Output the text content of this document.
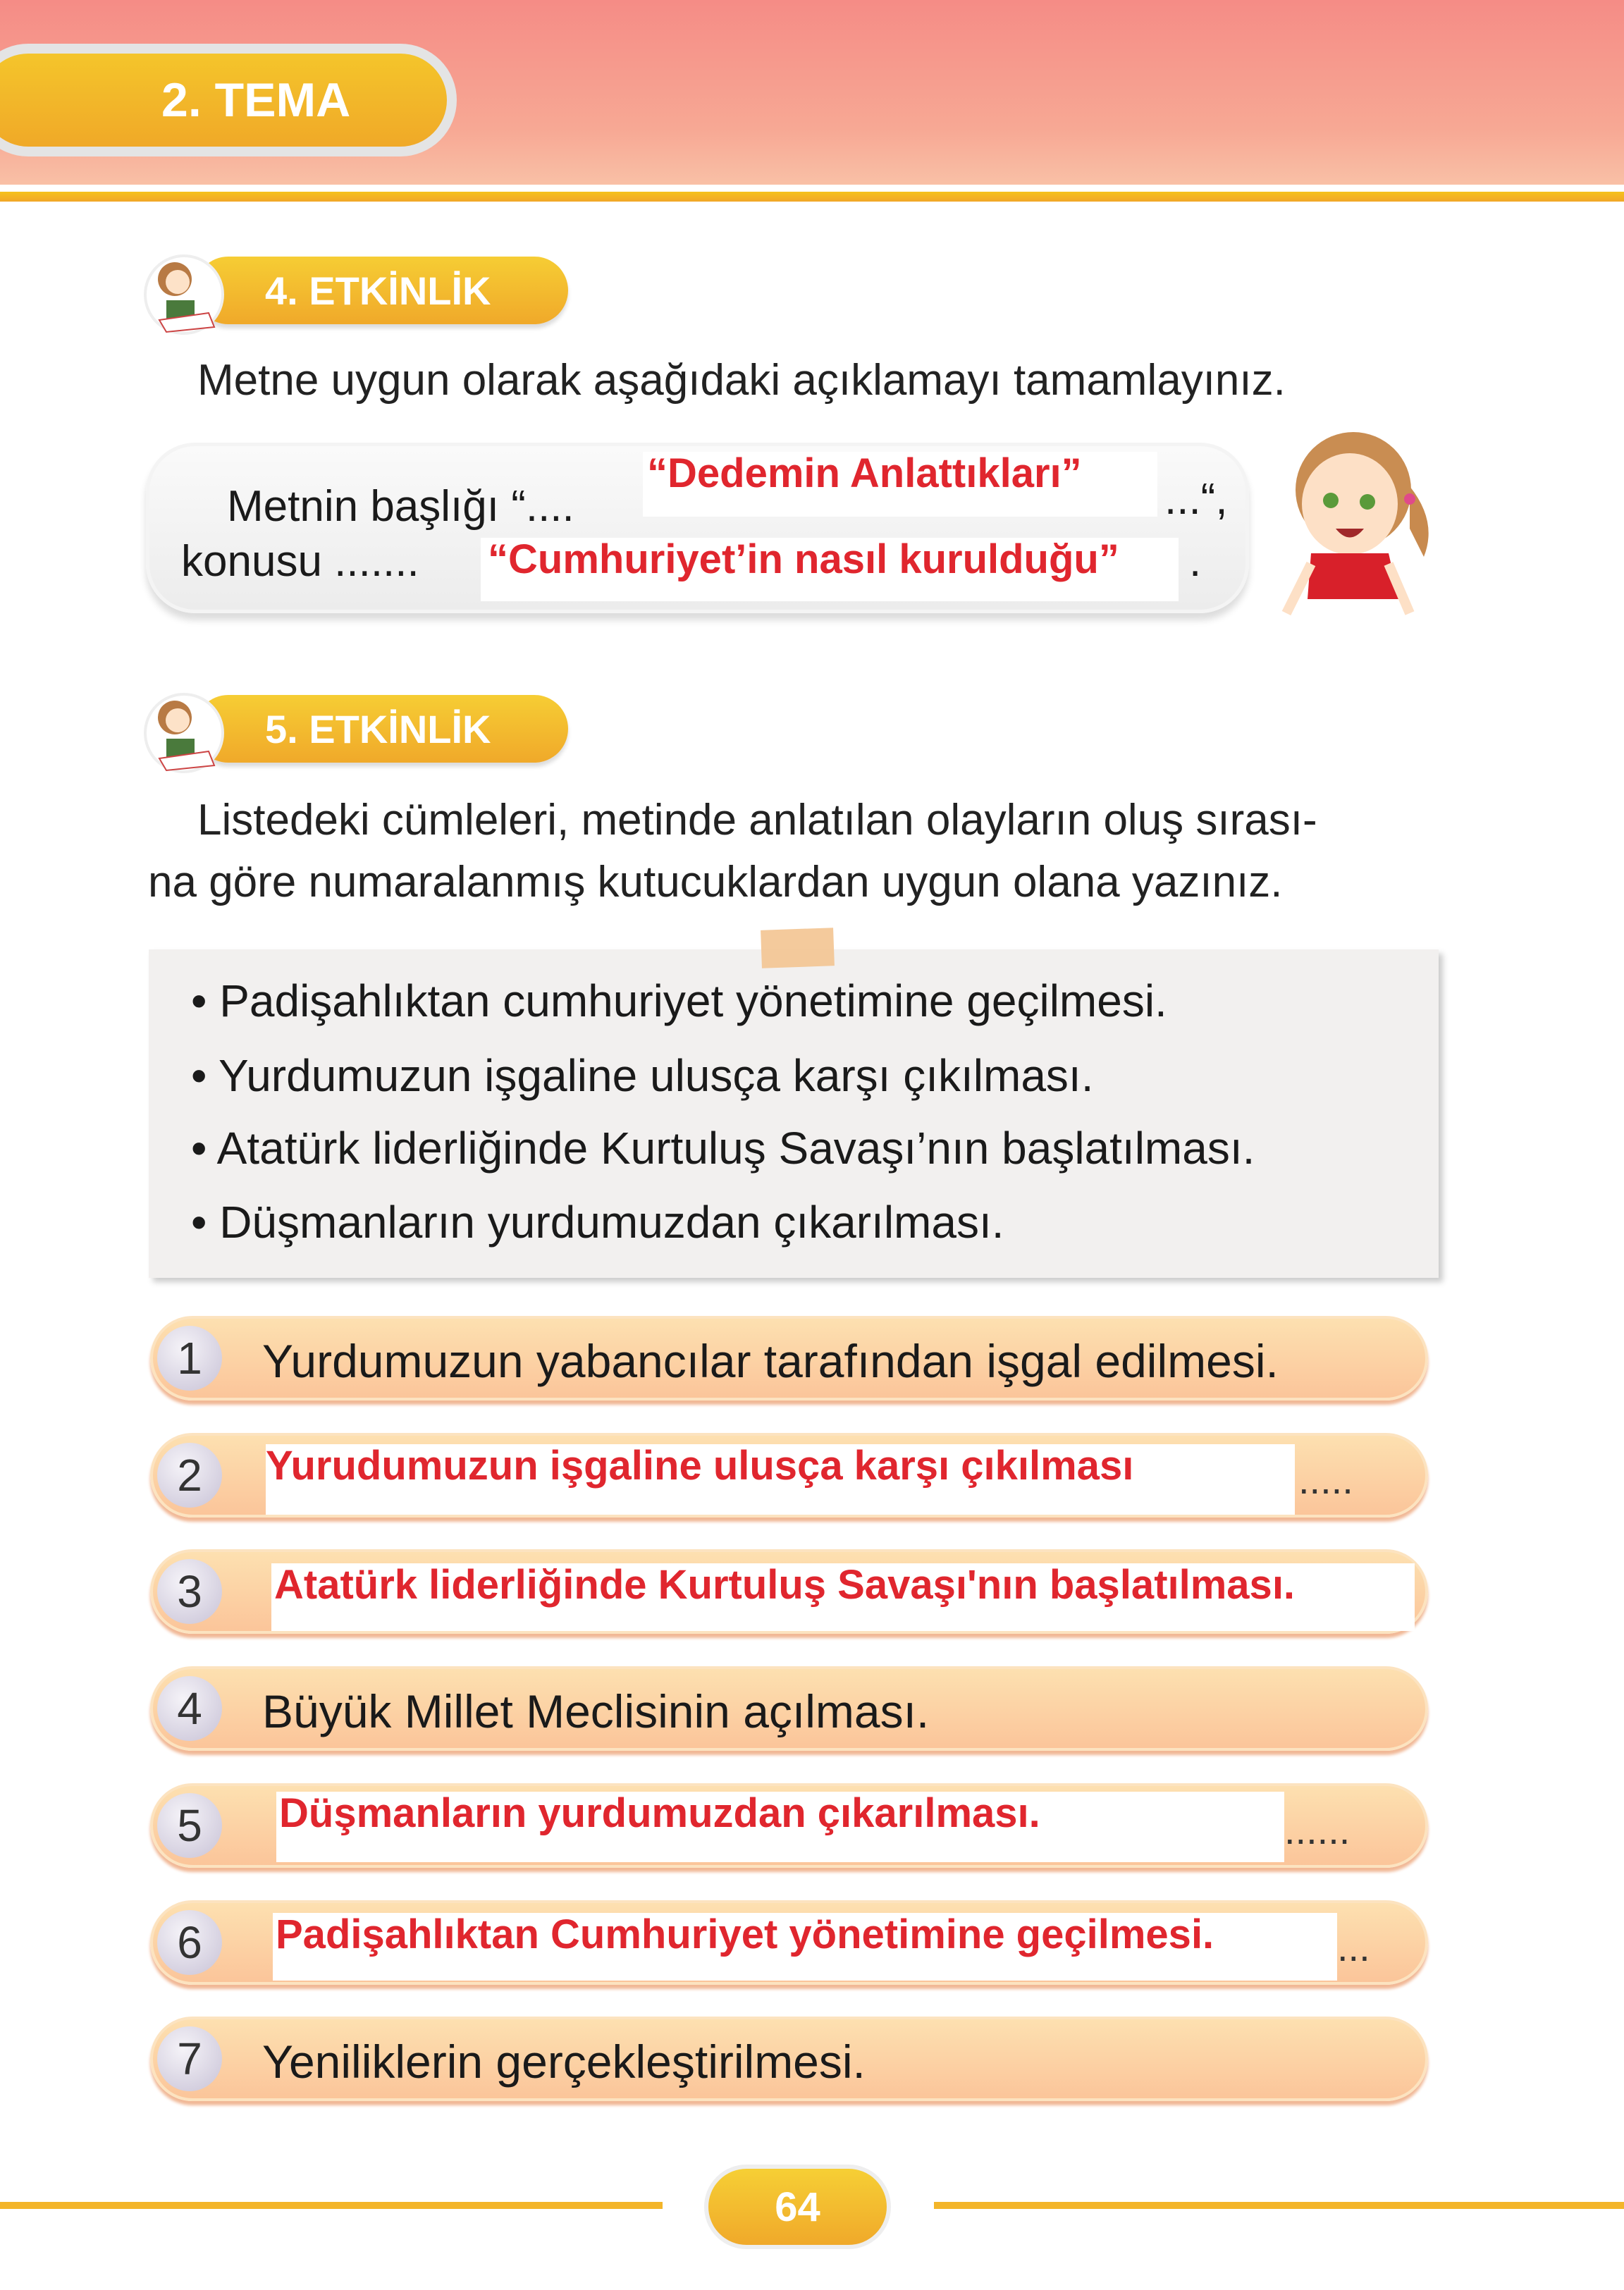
2. TEMA
4. ETKİNLİK
Metne uygun olarak aşağıdaki açıklamayı tamamlayınız.
Metnin başlığı “....
“Dedemin Anlattıkları”
...“,
konusu ....... “Cumhuriyet’in nasıl kurulduğu”	.
5. ETKİNLİK
Listedeki cümleleri, metinde anlatılan olayların oluş sırası-
na göre numaralanmış kutucuklardan uygun olana yazınız.
• Padişahlıktan cumhuriyet yönetimine geçilmesi.
• Yurdumuzun işgaline ulusça karşı çıkılması.
• Atatürk liderliğinde Kurtuluş Savaşı’nın başlatılması.
• Düşmanların yurdumuzdan çıkarılması.
1	Yurdumuzun yabancılar tarafından işgal edilmesi.
2	Yurudumuzun işgaline ulusça karşı çıkılması	.....
3	Atatürk liderliğinde Kurtuluş Savaşı'nın başlatılması.
4	Büyük Millet Meclisinin açılması.
5	Düşmanların yurdumuzdan çıkarılması.	......
6	Padişahlıktan Cumhuriyet yönetimine geçilmesi.	...
7	Yeniliklerin gerçekleştirilmesi.
64
